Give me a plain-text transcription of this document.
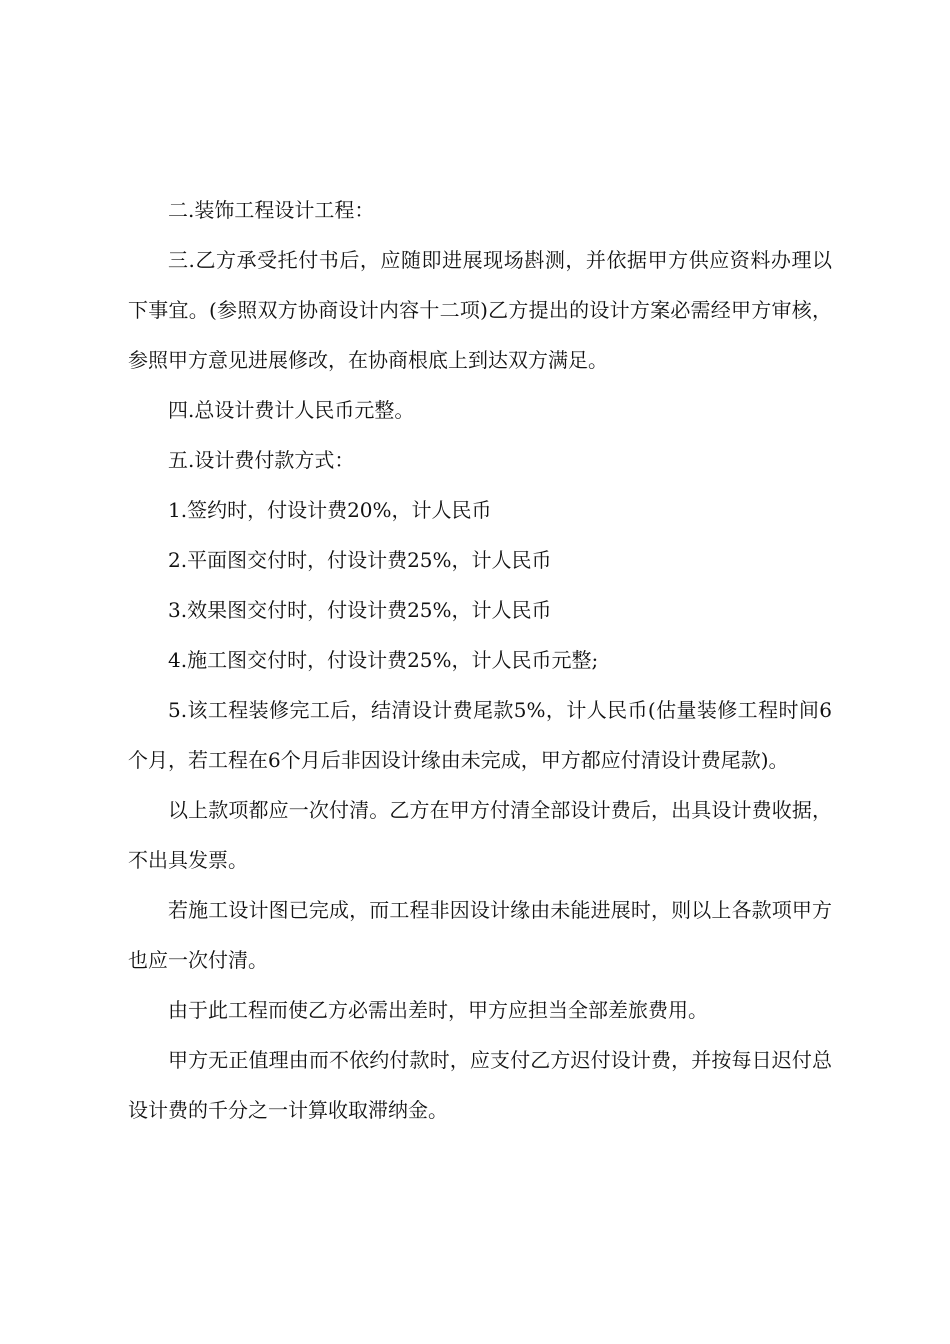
二.装饰工程设计工程：

三.乙方承受托付书后，应随即进展现场斟测，并依据甲方供应资料办理以下事宜。(参照双方协商设计内容十二项)乙方提出的设计方案必需经甲方审核，参照甲方意见进展修改，在协商根底上到达双方满足。

四.总设计费计人民币元整。

五.设计费付款方式：

1.签约时，付设计费20%，计人民币

2.平面图交付时，付设计费25%，计人民币

3.效果图交付时，付设计费25%，计人民币

4.施工图交付时，付设计费25%，计人民币元整;

5.该工程装修完工后，结清设计费尾款5%，计人民币(估量装修工程时间6个月，若工程在6个月后非因设计缘由未完成，甲方都应付清设计费尾款)。

以上款项都应一次付清。乙方在甲方付清全部设计费后，出具设计费收据，不出具发票。

若施工设计图已完成，而工程非因设计缘由未能进展时，则以上各款项甲方也应一次付清。

由于此工程而使乙方必需出差时，甲方应担当全部差旅费用。

甲方无正值理由而不依约付款时，应支付乙方迟付设计费，并按每日迟付总设计费的千分之一计算收取滞纳金。
